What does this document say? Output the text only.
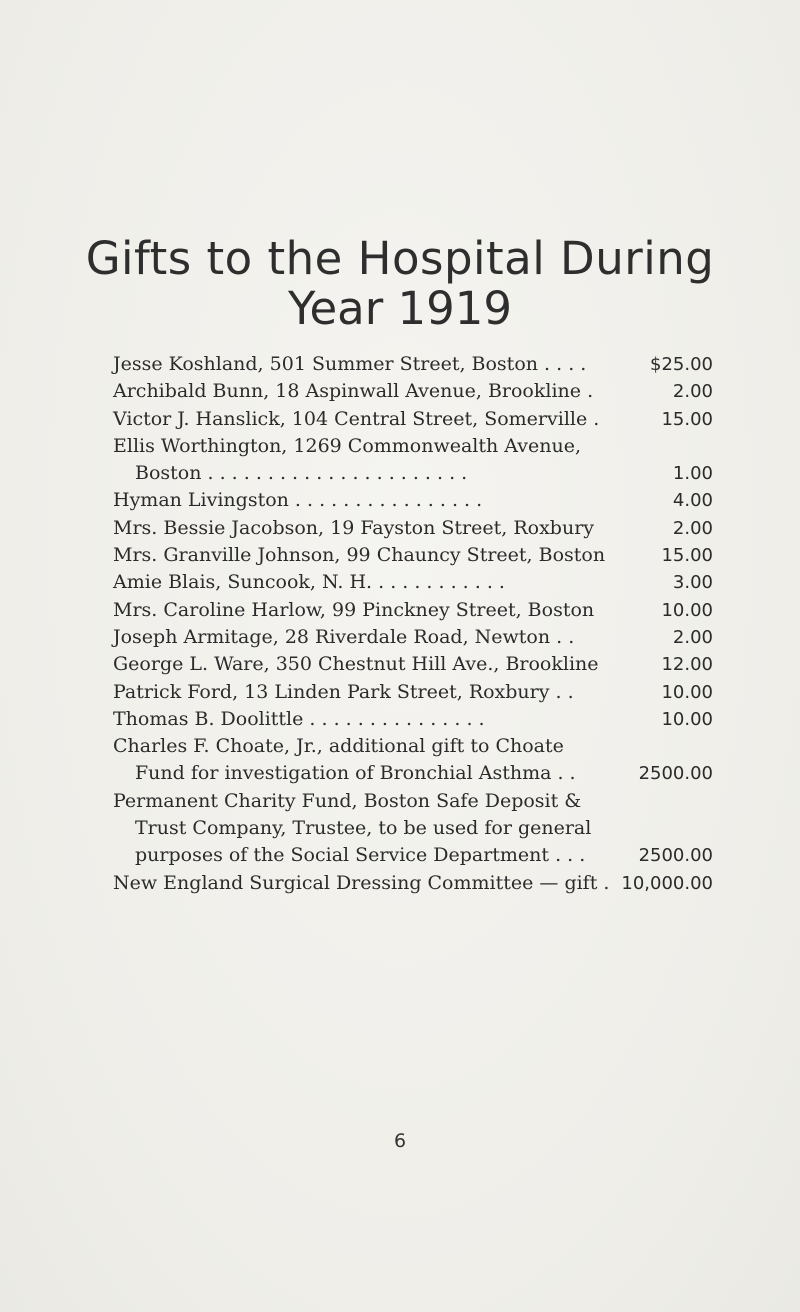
Gifts to the Hospital During
Year 1919
Jesse Koshland, 501 Summer Street, Boston . . . .	$25.00
Archibald Bunn, 18 Aspinwall Avenue, Brookline .	2.00
Victor J. Hanslick, 104 Central Street, Somerville .	15.00
Ellis Worthington, 1269 Commonwealth Avenue,
Boston . . . . . . . . . . . . . . . . . . . . . .	1.00
Hyman Livingston . . . . . . . . . . . . . . . .	4.00
Mrs. Bessie Jacobson, 19 Fayston Street, Roxbury	2.00
Mrs. Granville Johnson, 99 Chauncy Street, Boston	15.00
Amie Blais, Suncook, N. H. . . . . . . . . . . .	3.00
Mrs. Caroline Harlow, 99 Pinckney Street, Boston	10.00
Joseph Armitage, 28 Riverdale Road, Newton . .	2.00
George L. Ware, 350 Chestnut Hill Ave., Brookline	12.00
Patrick Ford, 13 Linden Park Street, Roxbury . .	10.00
Thomas B. Doolittle . . . . . . . . . . . . . . .	10.00
Charles F. Choate, Jr., additional gift to Choate
Fund for investigation of Bronchial Asthma . .	2500.00
Permanent Charity Fund, Boston Safe Deposit &
Trust Company, Trustee, to be used for general
purposes of the Social Service Department . . .	2500.00
New England Surgical Dressing Committee — gift . 10,000.00
6
